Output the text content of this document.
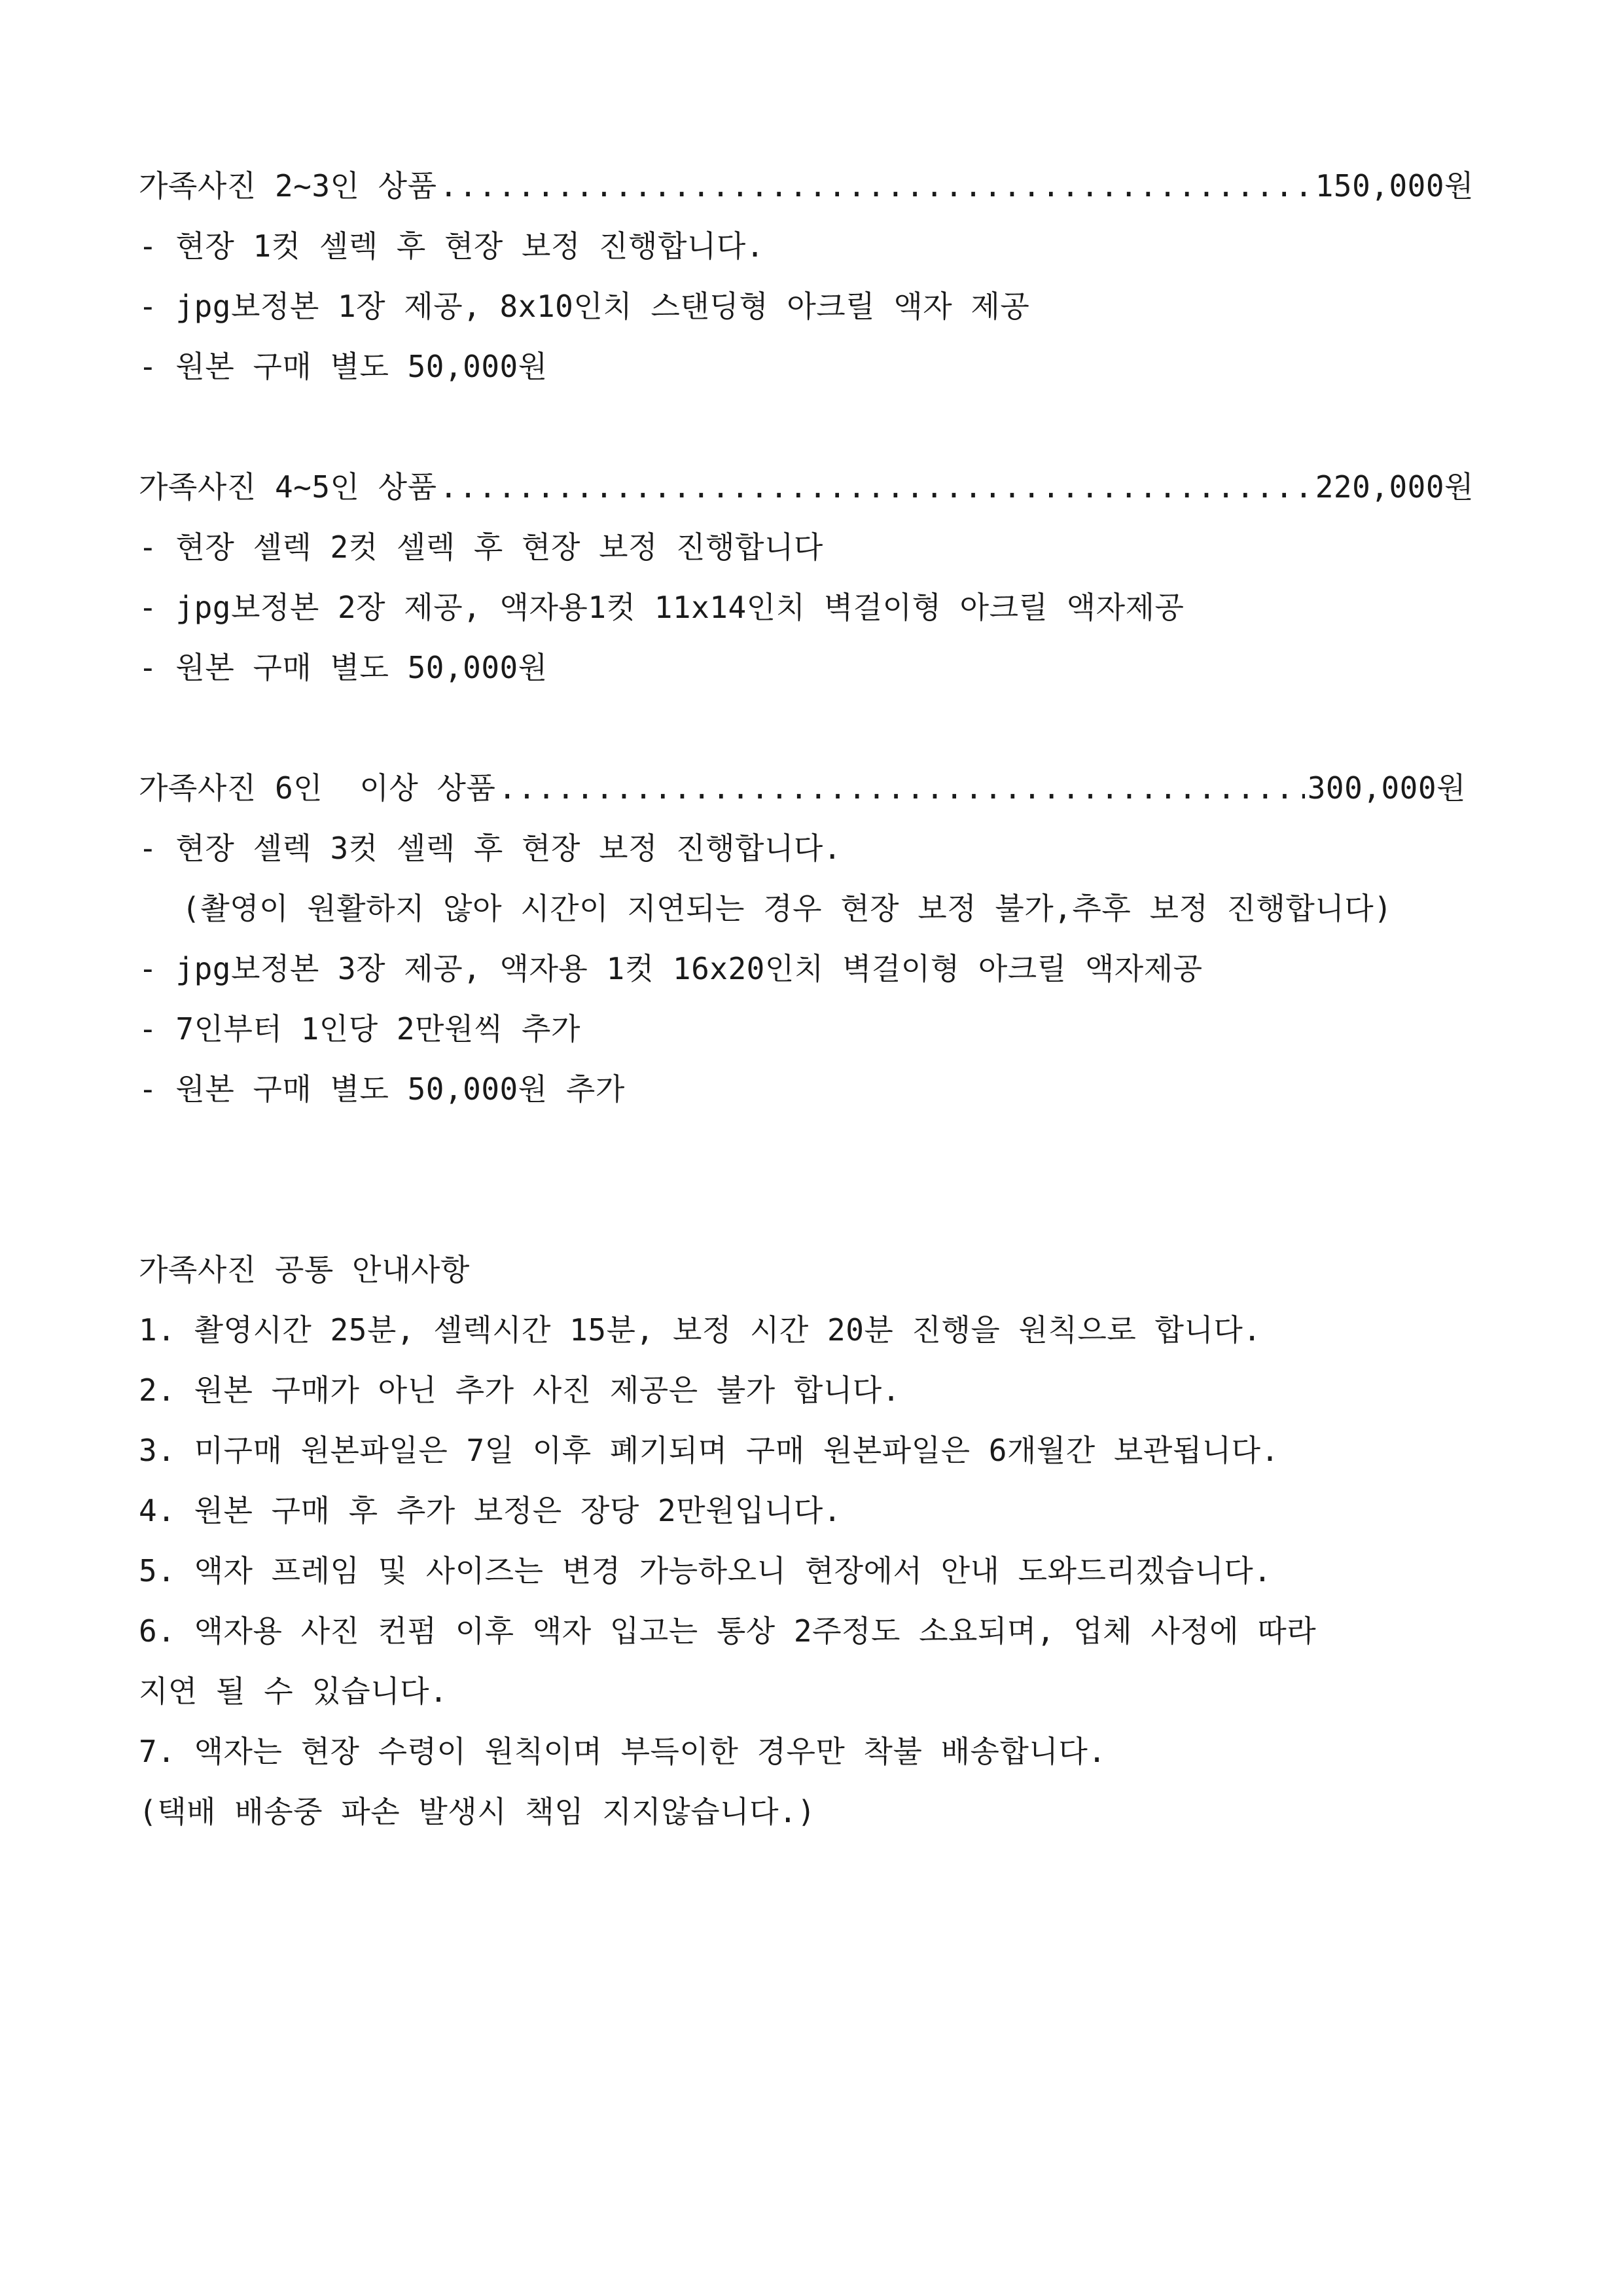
가족사진 2~3인 상품 .....	150,000원
- 현장 1컷 셀렉 후 현장 보정 진행합니다.
- jpg보정본 1장 제공, 8x10인치 스탠딩형 아크릴 액자 제공
- 원본 구매 별도 50,000원
가족사진 4~5인 상품 .....	220,000원
- 현장 셀렉 2컷 셀렉 후 현장 보정 진행합니다
- jpg보정본 2장 제공, 액자용1컷 11x14인치 벽걸이형 아크릴 액자제공
- 원본 구매 별도 50,000원
가족사진 6인  이상 상품 .....	300,000원
- 현장 셀렉 3컷 셀렉 후 현장 보정 진행합니다.
(촬영이 원활하지 않아 시간이 지연되는 경우 현장 보정 불가,추후 보정 진행합니다)
- jpg보정본 3장 제공, 액자용 1컷 16x20인치 벽걸이형 아크릴 액자제공
- 7인부터 1인당 2만원씩 추가
- 원본 구매 별도 50,000원 추가
가족사진 공통 안내사항
1. 촬영시간 25분, 셀렉시간 15분, 보정 시간 20분 진행을 원칙으로 합니다.
2. 원본 구매가 아닌 추가 사진 제공은 불가 합니다.
3. 미구매 원본파일은 7일 이후 폐기되며 구매 원본파일은 6개월간 보관됩니다.
4. 원본 구매 후 추가 보정은 장당 2만원입니다.
5. 액자 프레임 및 사이즈는 변경 가능하오니 현장에서 안내 도와드리겠습니다.
6. 액자용 사진 컨펌 이후 액자 입고는 통상 2주정도 소요되며, 업체 사정에 따라
지연 될 수 있습니다.
7. 액자는 현장 수령이 원칙이며 부득이한 경우만 착불 배송합니다.
(택배 배송중 파손 발생시 책임 지지않습니다.)
